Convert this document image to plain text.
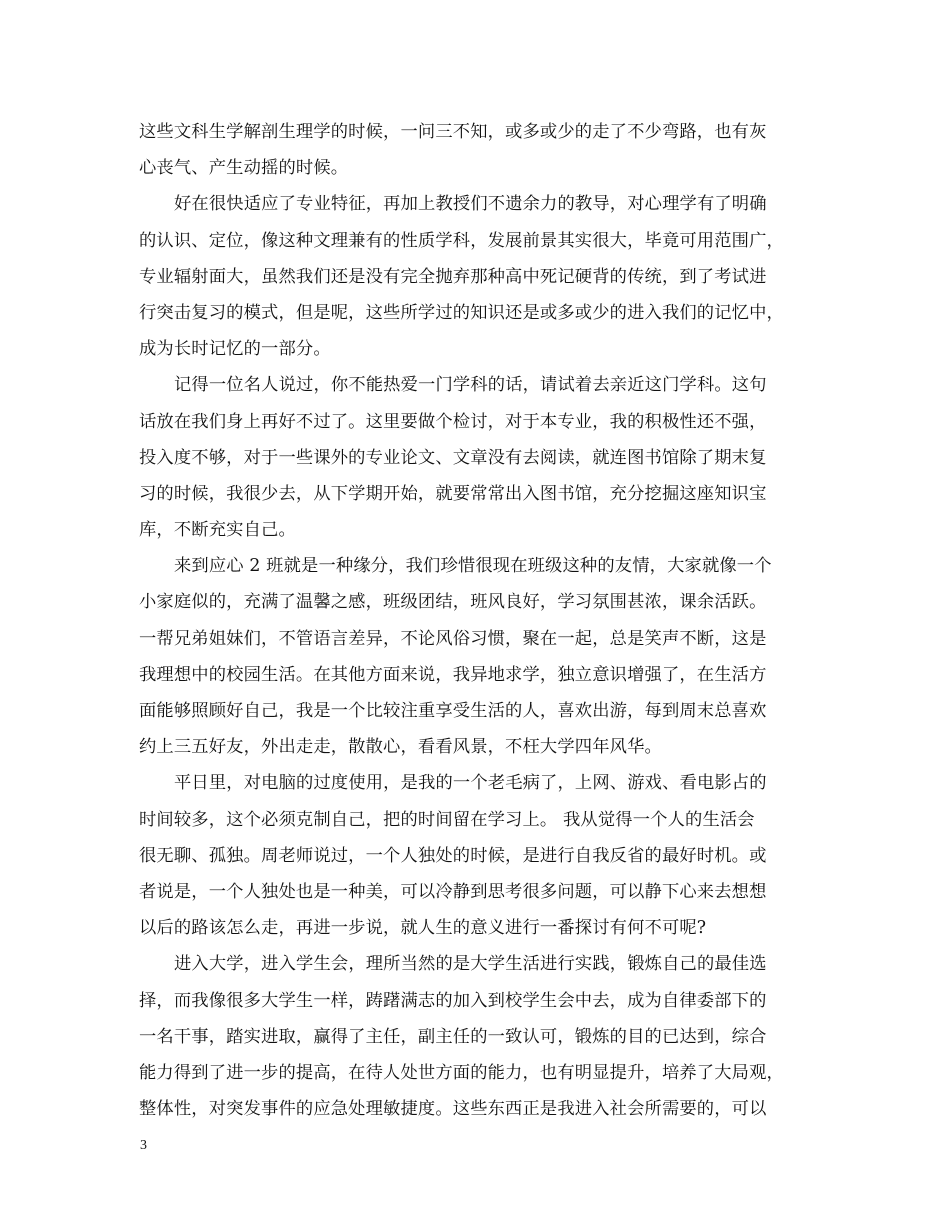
这些文科生学解剖生理学的时候，一问三不知，或多或少的走了不少弯路，也有灰
心丧气、产生动摇的时候。
好在很快适应了专业特征，再加上教授们不遗余力的教导，对心理学有了明确
的认识、定位，像这种文理兼有的性质学科，发展前景其实很大，毕竟可用范围广，
专业辐射面大，虽然我们还是没有完全抛弃那种高中死记硬背的传统，到了考试进
行突击复习的模式，但是呢，这些所学过的知识还是或多或少的进入我们的记忆中，
成为长时记忆的一部分。
记得一位名人说过，你不能热爱一门学科的话，请试着去亲近这门学科。这句
话放在我们身上再好不过了。这里要做个检讨，对于本专业，我的积极性还不强，
投入度不够，对于一些课外的专业论文、文章没有去阅读，就连图书馆除了期末复
习的时候，我很少去，从下学期开始，就要常常出入图书馆，充分挖掘这座知识宝
库，不断充实自己。
来到应心 2 班就是一种缘分，我们珍惜很现在班级这种的友情，大家就像一个
小家庭似的，充满了温馨之感，班级团结，班风良好，学习氛围甚浓，课余活跃。
一帮兄弟姐妹们，不管语言差异，不论风俗习惯，聚在一起，总是笑声不断，这是
我理想中的校园生活。在其他方面来说，我异地求学，独立意识增强了，在生活方
面能够照顾好自己，我是一个比较注重享受生活的人，喜欢出游，每到周末总喜欢
约上三五好友，外出走走，散散心，看看风景，不枉大学四年风华。
平日里，对电脑的过度使用，是我的一个老毛病了，上网、游戏、看电影占的
时间较多，这个必须克制自己，把的时间留在学习上。 我从觉得一个人的生活会
很无聊、孤独。周老师说过，一个人独处的时候，是进行自我反省的最好时机。或
者说是，一个人独处也是一种美，可以冷静到思考很多问题，可以静下心来去想想
以后的路该怎么走，再进一步说，就人生的意义进行一番探讨有何不可呢?
进入大学，进入学生会，理所当然的是大学生活进行实践，锻炼自己的最佳选
择，而我像很多大学生一样，踌躇满志的加入到校学生会中去，成为自律委部下的
一名干事，踏实进取，赢得了主任，副主任的一致认可，锻炼的目的已达到，综合
能力得到了进一步的提高，在待人处世方面的能力，也有明显提升，培养了大局观，
整体性，对突发事件的应急处理敏捷度。这些东西正是我进入社会所需要的，可以
3
